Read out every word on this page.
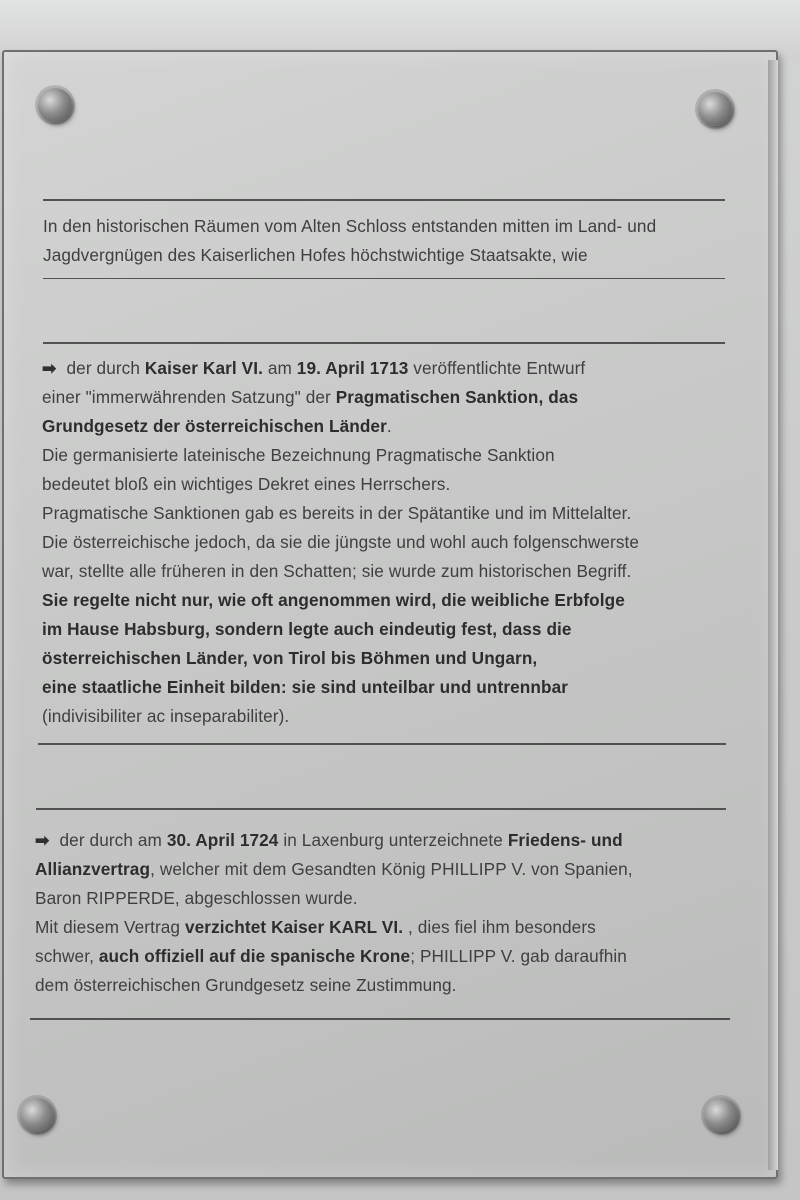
In den historischen Räumen vom Alten Schloss entstanden mitten im Land- und
Jagdvergnügen des Kaiserlichen Hofes höchstwichtige Staatsakte, wie
➡ der durch Kaiser Karl VI. am 19. April 1713 veröffentlichte Entwurf
einer "immerwährenden Satzung" der Pragmatischen Sanktion, das
Grundgesetz der österreichischen Länder.
Die germanisierte lateinische Bezeichnung Pragmatische Sanktion
bedeutet bloß ein wichtiges Dekret eines Herrschers.
Pragmatische Sanktionen gab es bereits in der Spätantike und im Mittelalter.
Die österreichische jedoch, da sie die jüngste und wohl auch folgenschwerste
war, stellte alle früheren in den Schatten; sie wurde zum historischen Begriff.
Sie regelte nicht nur, wie oft angenommen wird, die weibliche Erbfolge
im Hause Habsburg, sondern legte auch eindeutig fest, dass die
österreichischen Länder, von Tirol bis Böhmen und Ungarn,
eine staatliche Einheit bilden: sie sind unteilbar und untrennbar
(indivisibiliter ac inseparabiliter).
➡ der durch am 30. April 1724 in Laxenburg unterzeichnete Friedens- und
Allianzvertrag, welcher mit dem Gesandten König PHILLIPP V. von Spanien,
Baron RIPPERDE, abgeschlossen wurde.
Mit diesem Vertrag verzichtet Kaiser KARL VI. , dies fiel ihm besonders
schwer, auch offiziell auf die spanische Krone; PHILLIPP V. gab daraufhin
dem österreichischen Grundgesetz seine Zustimmung.
